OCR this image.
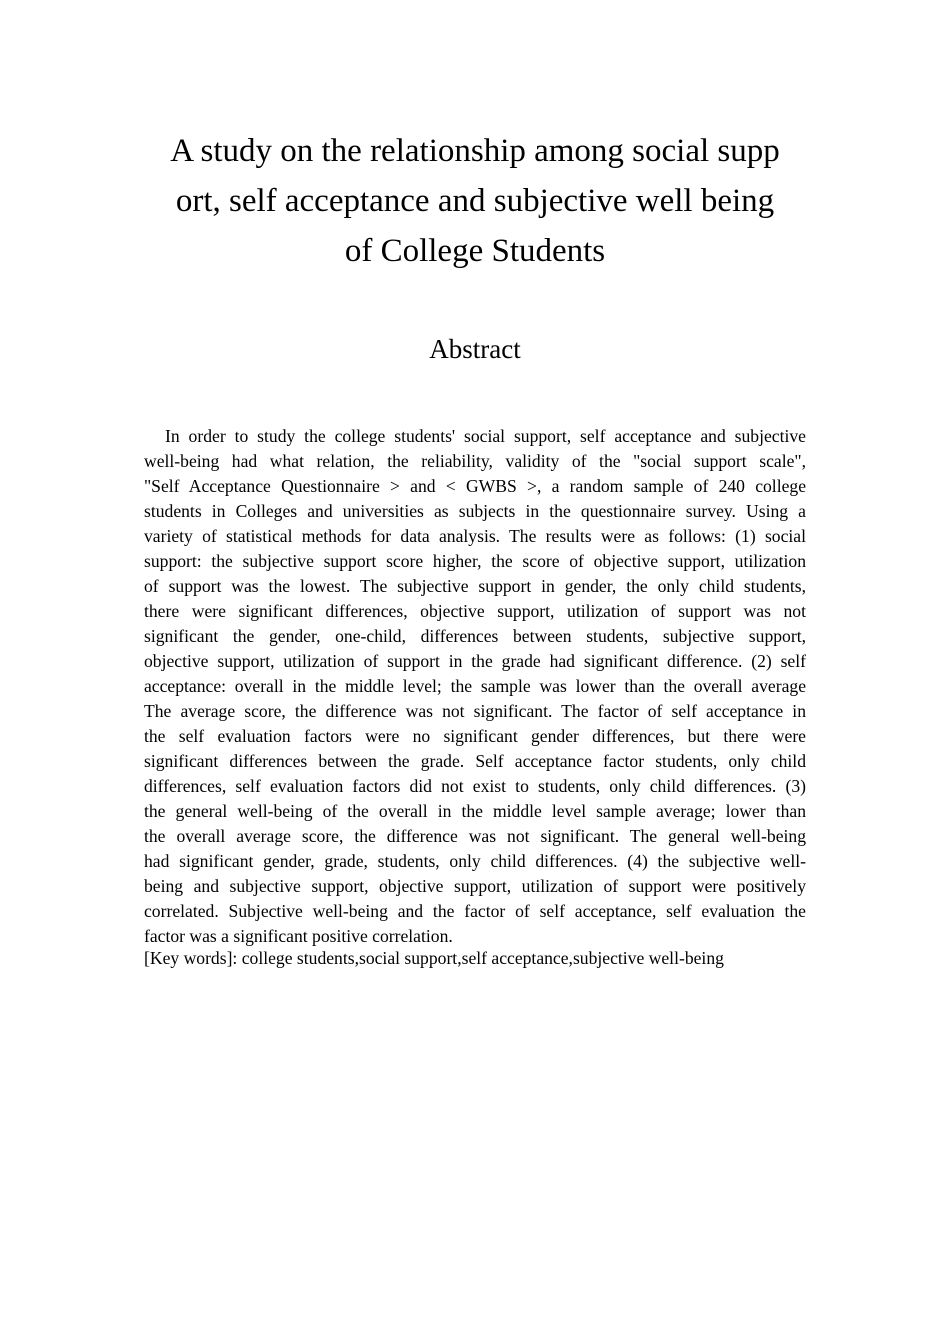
A study on the relationship among social supp
ort, self acceptance and subjective well being
of College Students
Abstract
In order to study the college students' social support, self acceptance and subjective
well-being had what relation, the reliability, validity of the "social support scale",
"Self Acceptance Questionnaire > and < GWBS >, a random sample of 240 college
students in Colleges and universities as subjects in the questionnaire survey. Using a
variety of statistical methods for data analysis. The results were as follows: (1) social
support: the subjective support score higher, the score of objective support, utilization
of support was the lowest. The subjective support in gender, the only child students,
there were significant differences, objective support, utilization of support was not
significant the gender, one-child, differences between students, subjective support,
objective support, utilization of support in the grade had significant difference. (2) self
acceptance: overall in the middle level; the sample was lower than the overall average
The average score, the difference was not significant. The factor of self acceptance in
the self evaluation factors were no significant gender differences, but there were
significant differences between the grade. Self acceptance factor students, only child
differences, self evaluation factors did not exist to students, only child differences. (3)
the general well-being of the overall in the middle level sample average; lower than
the overall average score, the difference was not significant. The general well-being
had significant gender, grade, students, only child differences. (4) the subjective well-
being and subjective support, objective support, utilization of support were positively
correlated. Subjective well-being and the factor of self acceptance, self evaluation the
factor was a significant positive correlation.

[Key words]: college students,social support,self acceptance,subjective well-being
